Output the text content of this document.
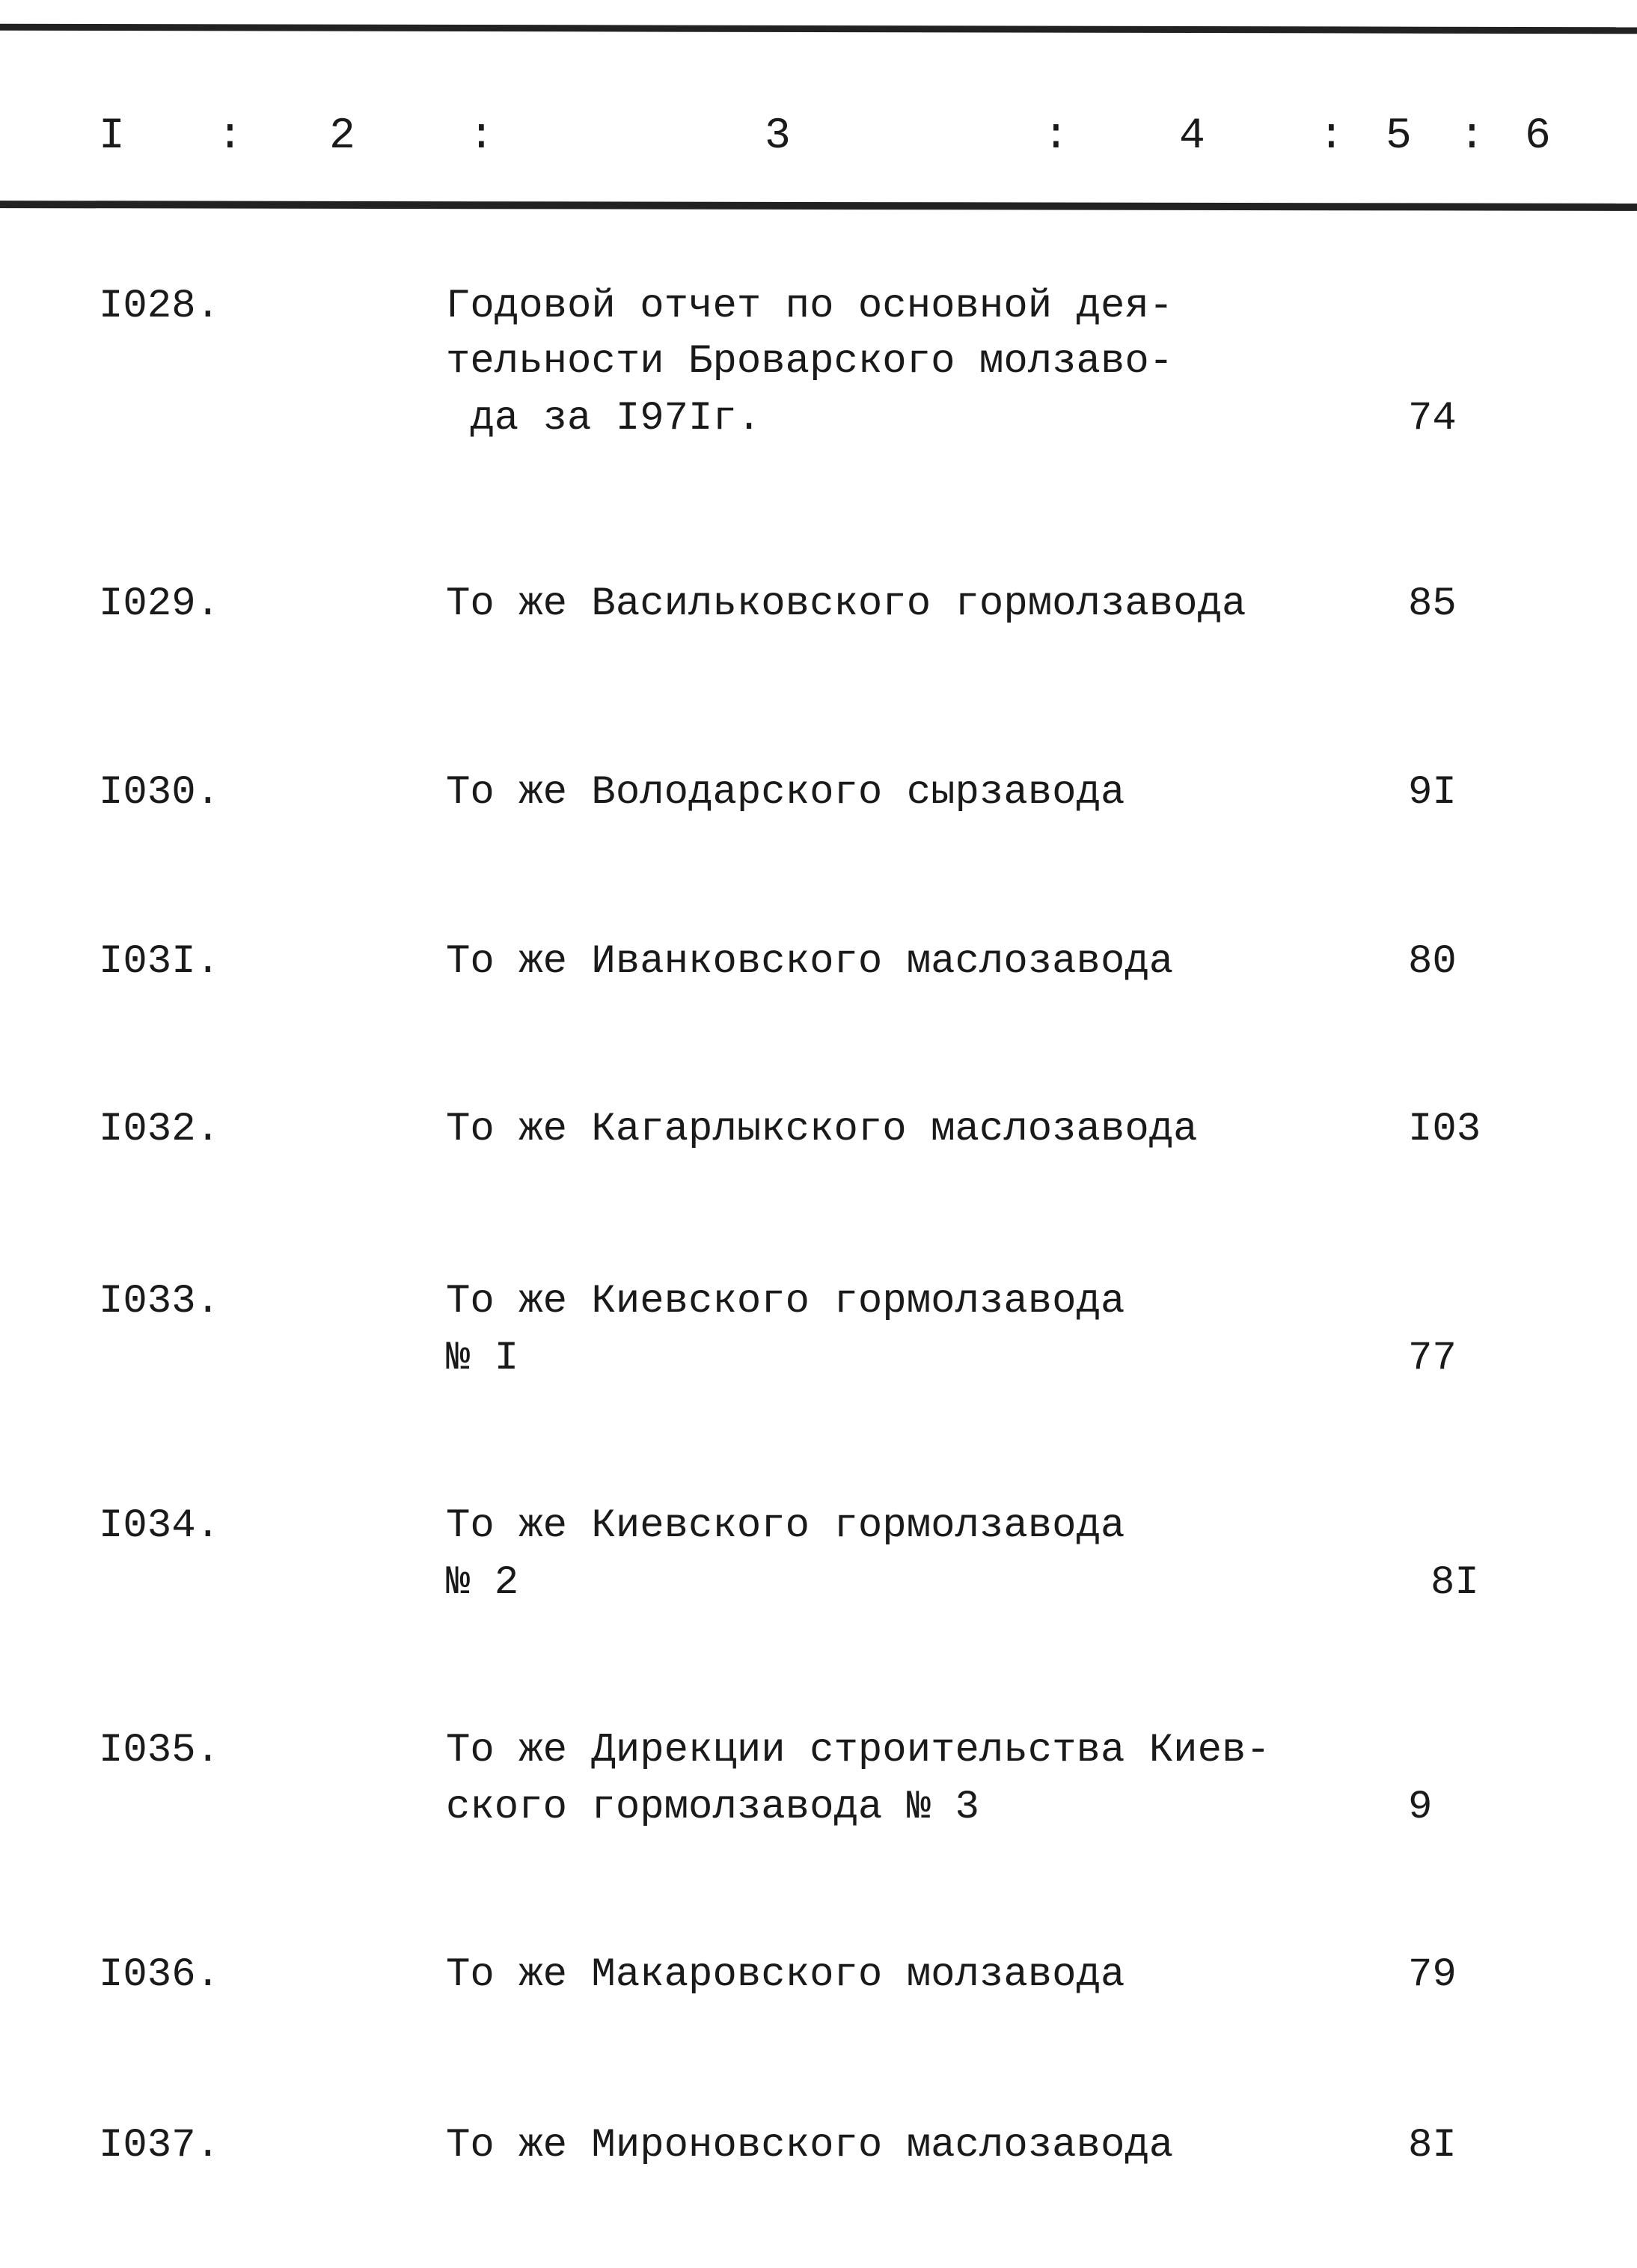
I : 2	:	3	:	4	: 5 : 6
I028.	Годовой отчет по основной дея-
тельности Броварского молзаво-
да за I97Iг.	74
I029.	То же Васильковского гормолзавода	85
I030.	То же Володарского сырзавода	9I
I03I.	То же Иванковского маслозавода	80
I032.	То же Кагарлыкского маслозавода	I03
I033.	То же Киевского гормолзавода
№ I	77
I034.	То же Киевского гормолзавода
№ 2	8I
I035.	То же Дирекции строительства Киев-
ского гормолзавода № 3	9
I036.	То же Макаровского молзавода	79
I037.	То же Мироновского маслозавода	8I
